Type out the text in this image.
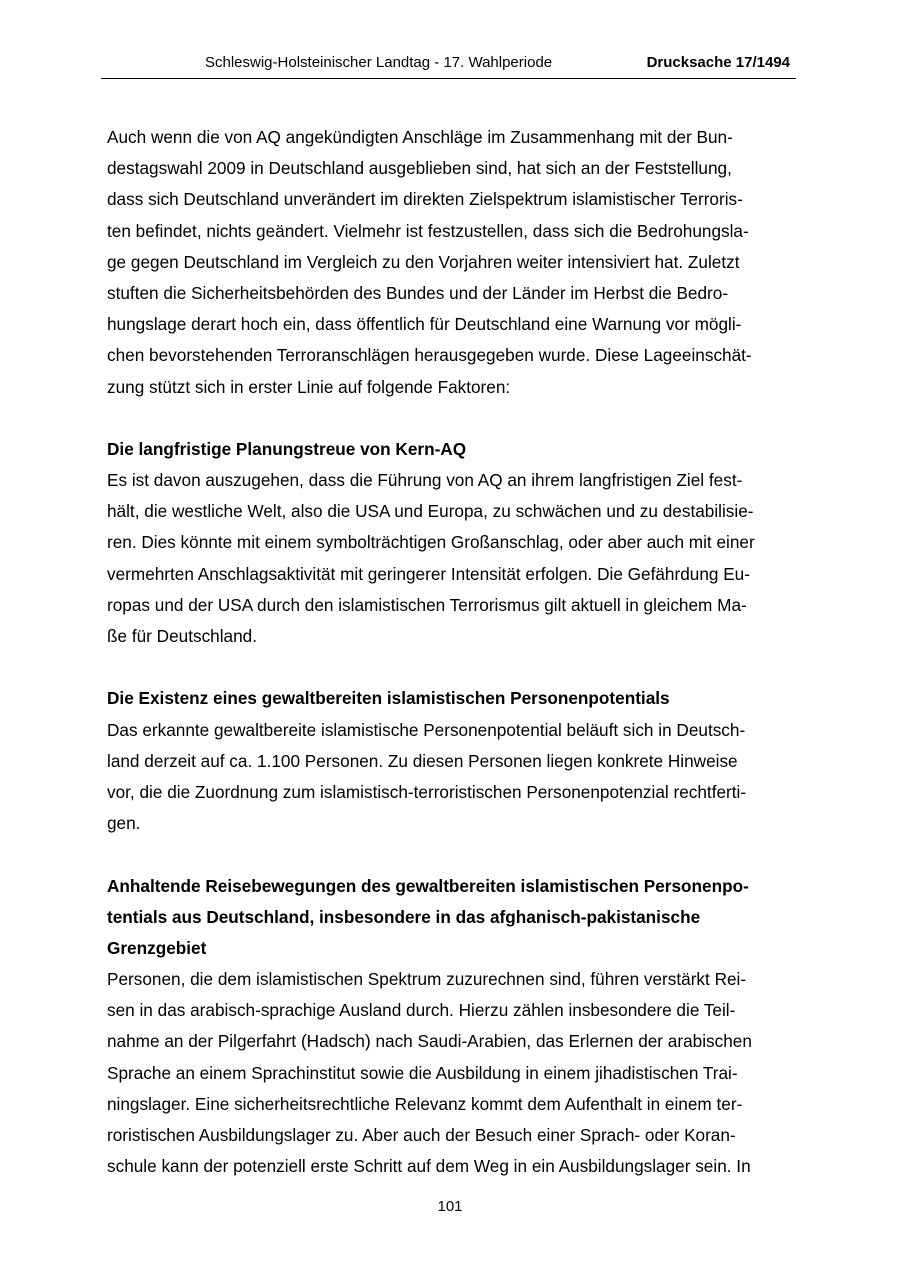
Schleswig-Holsteinischer Landtag - 17. Wahlperiode	Drucksache 17/1494
Auch wenn die von AQ angekündigten Anschläge im Zusammenhang mit der Bun-
destagswahl 2009 in Deutschland ausgeblieben sind, hat sich an der Feststellung,
dass sich Deutschland unverändert im direkten Zielspektrum islamistischer Terroris-
ten befindet, nichts geändert. Vielmehr ist festzustellen, dass sich die Bedrohungsla-
ge gegen Deutschland im Vergleich zu den Vorjahren weiter intensiviert hat. Zuletzt
stuften die Sicherheitsbehörden des Bundes und der Länder im Herbst die Bedro-
hungslage derart hoch ein, dass öffentlich für Deutschland eine Warnung vor mögli-
chen bevorstehenden Terroranschlägen herausgegeben wurde. Diese Lageeinschät-
zung stützt sich in erster Linie auf folgende Faktoren:
Die langfristige Planungstreue von Kern-AQ
Es ist davon auszugehen, dass die Führung von AQ an ihrem langfristigen Ziel fest-
hält, die westliche Welt, also die USA und Europa, zu schwächen und zu destabilisie-
ren. Dies könnte mit einem symbolträchtigen Großanschlag, oder aber auch mit einer
vermehrten Anschlagsaktivität mit geringerer Intensität erfolgen. Die Gefährdung Eu-
ropas und der USA durch den islamistischen Terrorismus gilt aktuell in gleichem Ma-
ße für Deutschland.
Die Existenz eines gewaltbereiten islamistischen Personenpotentials
Das erkannte gewaltbereite islamistische Personenpotential beläuft sich in Deutsch-
land derzeit auf ca. 1.100 Personen. Zu diesen Personen liegen konkrete Hinweise
vor, die die Zuordnung zum islamistisch-terroristischen Personenpotenzial rechtferti-
gen.
Anhaltende Reisebewegungen des gewaltbereiten islamistischen Personenpo-
tentials aus Deutschland, insbesondere in das afghanisch-pakistanische
Grenzgebiet
Personen, die dem islamistischen Spektrum zuzurechnen sind, führen verstärkt Rei-
sen in das arabisch-sprachige Ausland durch. Hierzu zählen insbesondere die Teil-
nahme an der Pilgerfahrt (Hadsch) nach Saudi-Arabien, das Erlernen der arabischen
Sprache an einem Sprachinstitut sowie die Ausbildung in einem jihadistischen Trai-
ningslager. Eine sicherheitsrechtliche Relevanz kommt dem Aufenthalt in einem ter-
roristischen Ausbildungslager zu. Aber auch der Besuch einer Sprach- oder Koran-
schule kann der potenziell erste Schritt auf dem Weg in ein Ausbildungslager sein. In
101
